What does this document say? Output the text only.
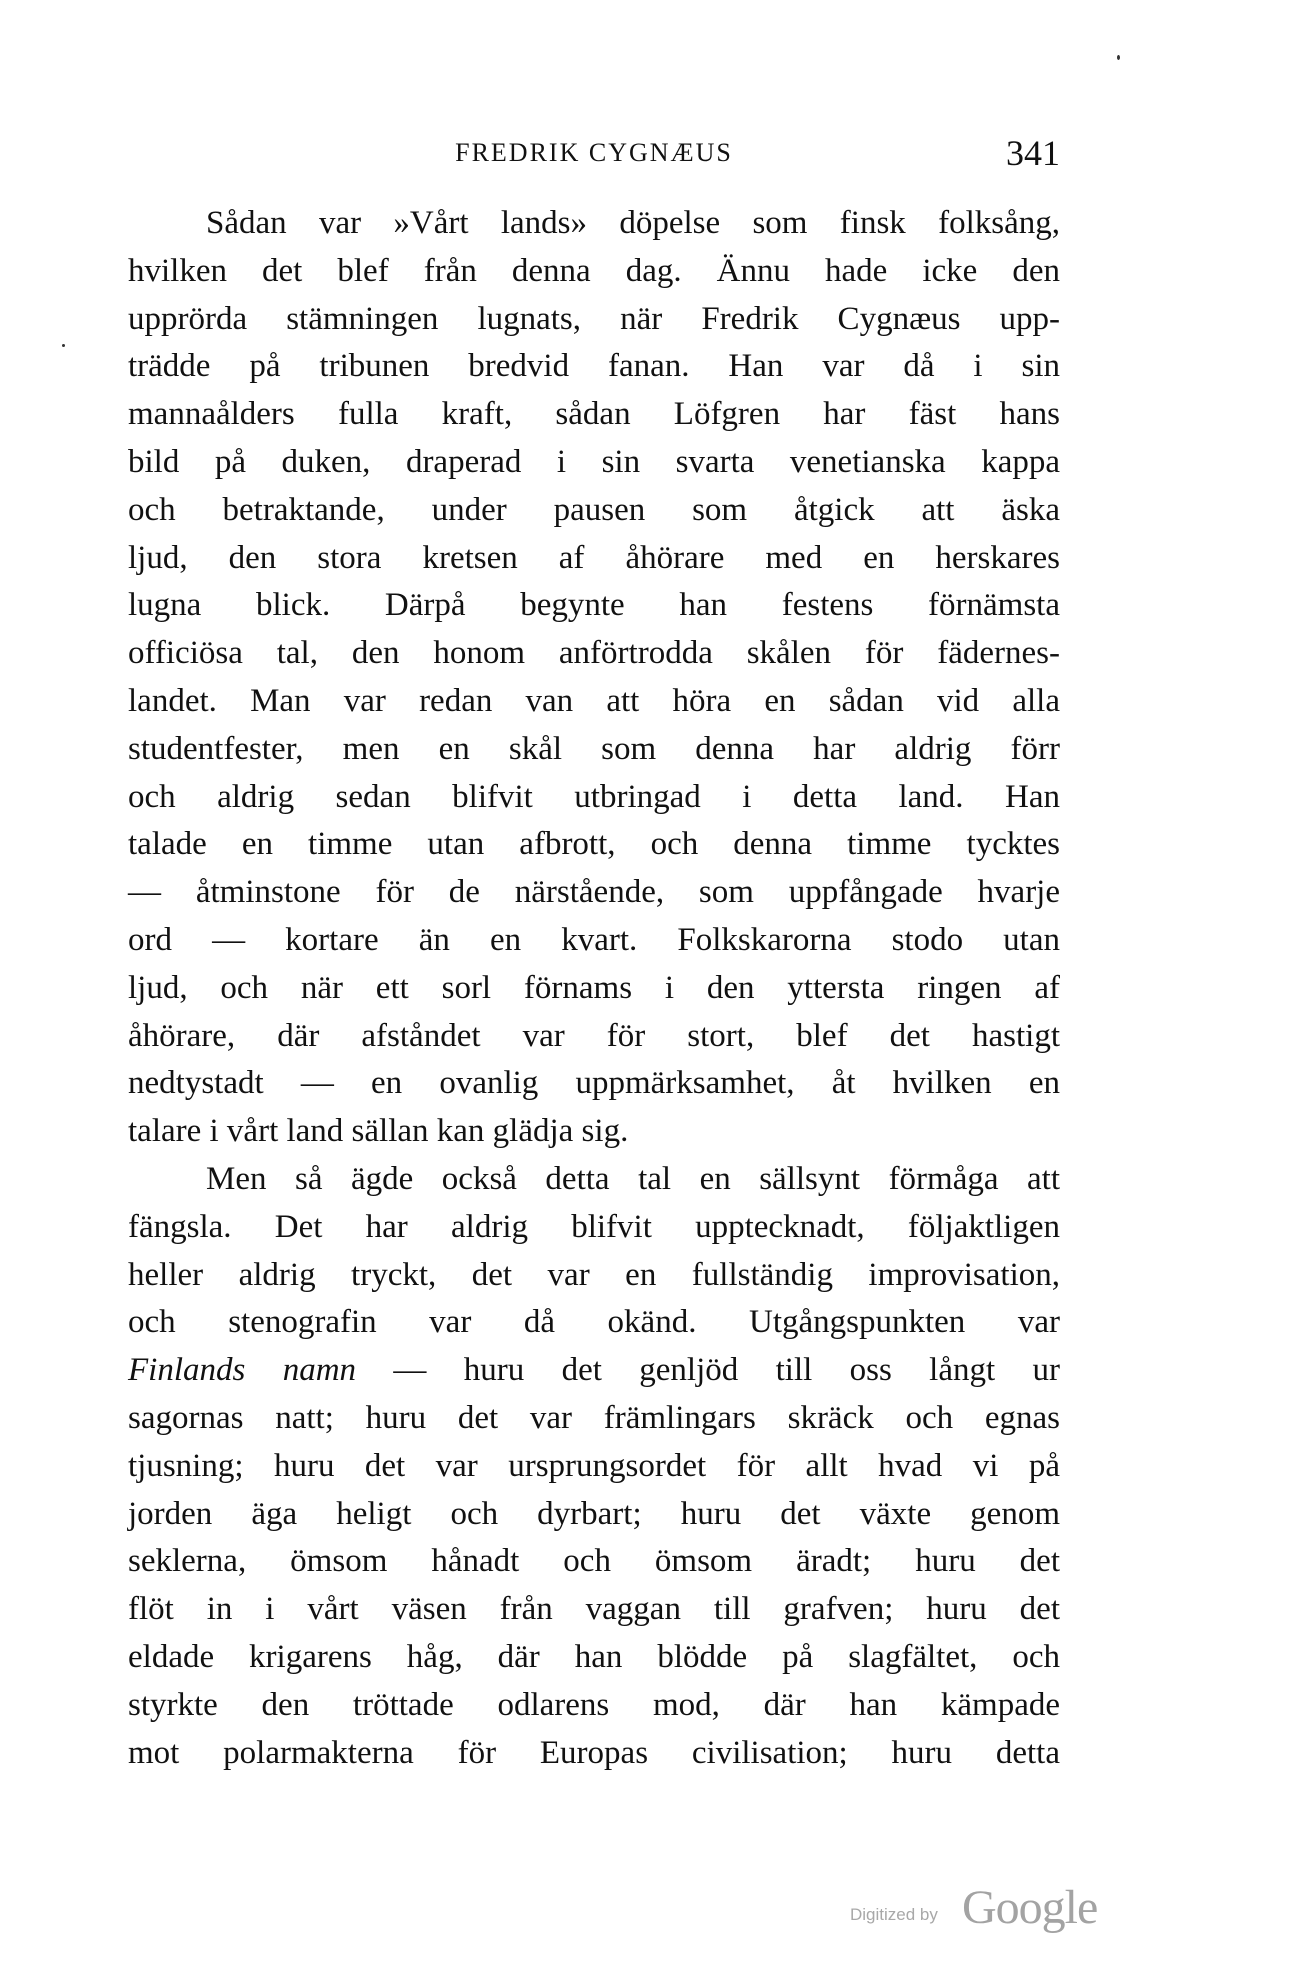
FREDRIK CYGNÆUS	341
Sådan var »Vårt lands» döpelse som finsk folksång,
hvilken det blef från denna dag. Ännu hade icke den
upprörda stämningen lugnats, när Fredrik Cygnæus upp-
trädde på tribunen bredvid fanan. Han var då i sin
mannaålders fulla kraft, sådan Löfgren har fäst hans
bild på duken, draperad i sin svarta venetianska kappa
och betraktande, under pausen som åtgick att äska
ljud, den stora kretsen af åhörare med en herskares
lugna blick. Därpå begynte han festens förnämsta
officiösa tal, den honom anförtrodda skålen för fädernes-
landet. Man var redan van att höra en sådan vid alla
studentfester, men en skål som denna har aldrig förr
och aldrig sedan blifvit utbringad i detta land. Han
talade en timme utan afbrott, och denna timme tycktes
— åtminstone för de närstående, som uppfångade hvarje
ord — kortare än en kvart. Folkskarorna stodo utan
ljud, och när ett sorl förnams i den yttersta ringen af
åhörare, där afståndet var för stort, blef det hastigt
nedtystadt — en ovanlig uppmärksamhet, åt hvilken en
talare i vårt land sällan kan glädja sig.
Men så ägde också detta tal en sällsynt förmåga att
fängsla. Det har aldrig blifvit upptecknadt, följaktligen
heller aldrig tryckt, det var en fullständig improvisation,
och stenografin var då okänd. Utgångspunkten var
Finlands namn — huru det genljöd till oss långt ur
sagornas natt; huru det var främlingars skräck och egnas
tjusning; huru det var ursprungsordet för allt hvad vi på
jorden äga heligt och dyrbart; huru det växte genom
seklerna, ömsom hånadt och ömsom äradt; huru det
flöt in i vårt väsen från vaggan till grafven; huru det
eldade krigarens håg, där han blödde på slagfältet, och
styrkte den tröttade odlarens mod, där han kämpade
mot polarmakterna för Europas civilisation; huru detta
Digitized by Google
